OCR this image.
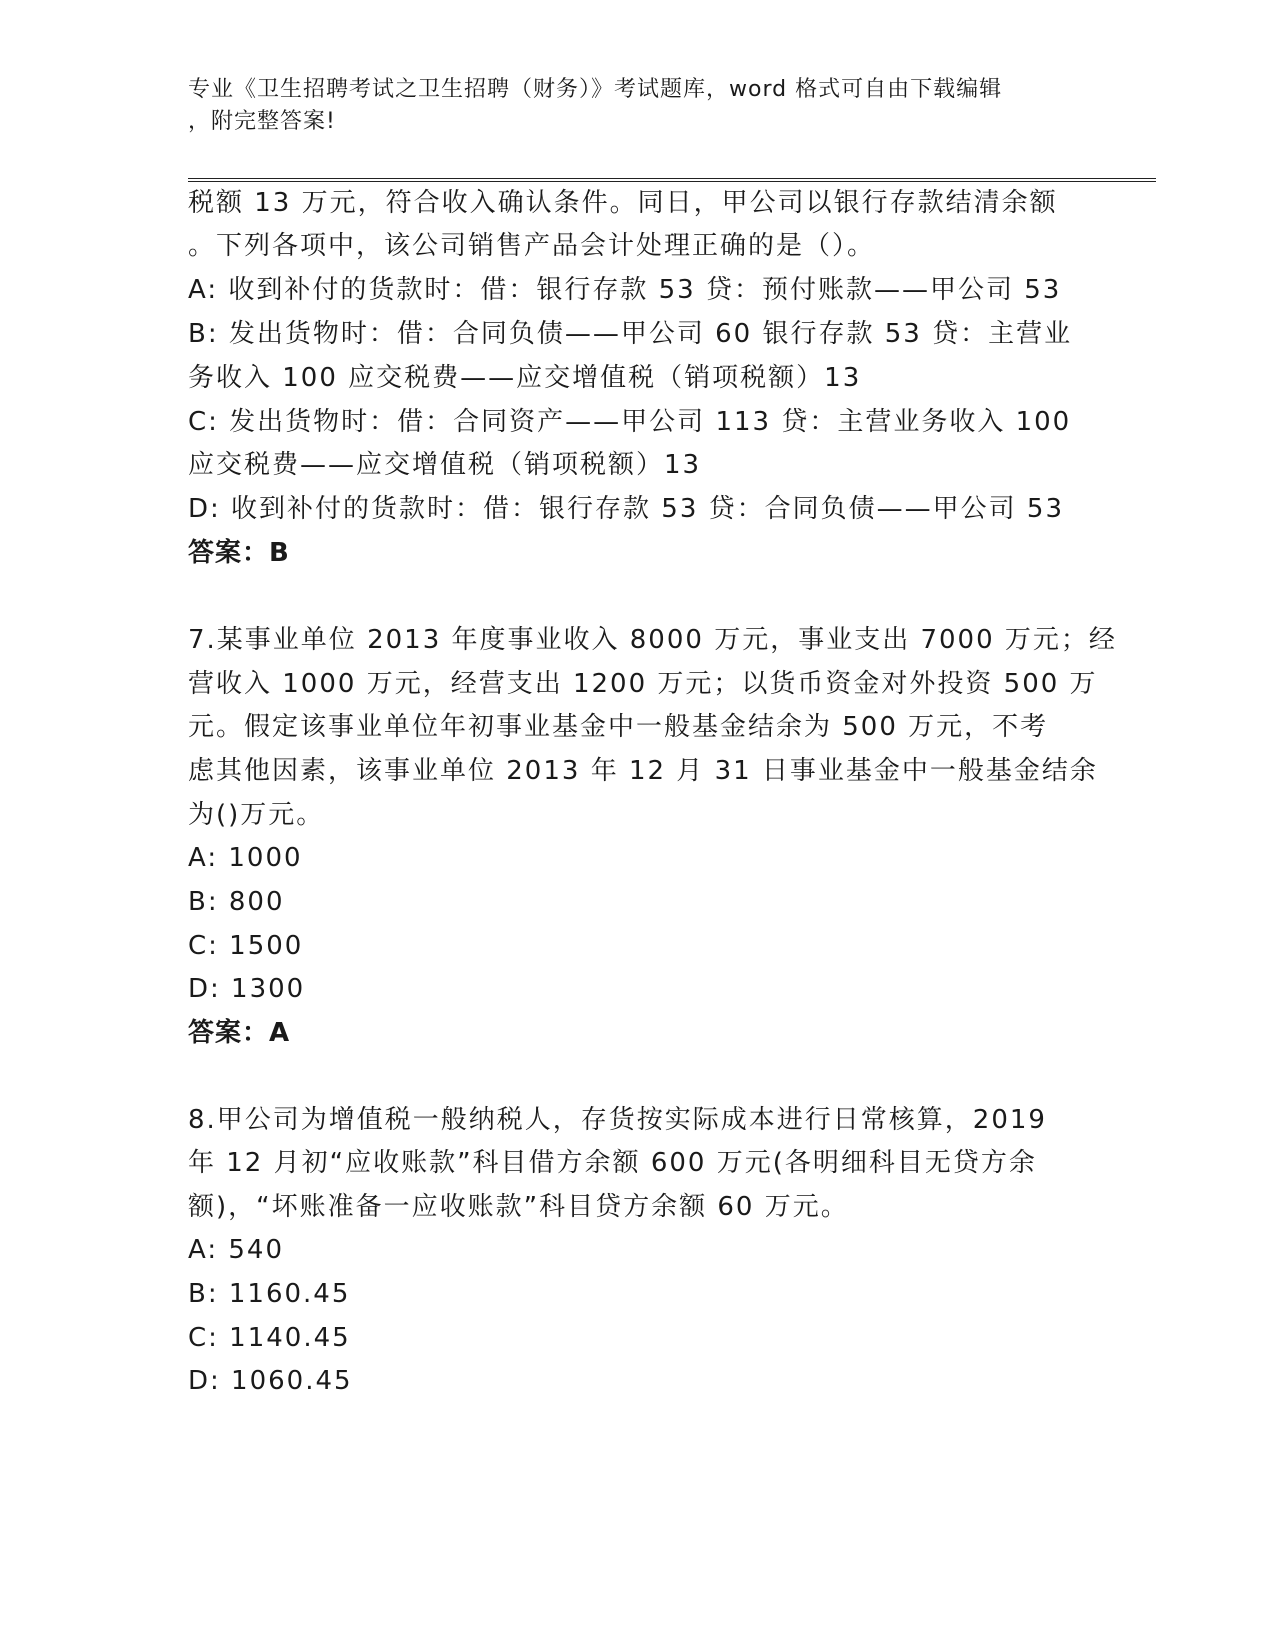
专业《卫生招聘考试之卫生招聘（财务）》考试题库，word 格式可自由下载编辑
，附完整答案!
税额 13 万元，符合收入确认条件。同日，甲公司以银行存款结清余额
。下列各项中，该公司销售产品会计处理正确的是（）。
A: 收到补付的货款时：借：银行存款 53 贷：预付账款——甲公司 53
B: 发出货物时：借：合同负债——甲公司 60 银行存款 53 贷：主营业
务收入 100 应交税费——应交增值税（销项税额）13
C: 发出货物时：借：合同资产——甲公司 113 贷：主营业务收入 100
应交税费——应交增值税（销项税额）13
D: 收到补付的货款时：借：银行存款 53 贷：合同负债——甲公司 53
答案：B
7.某事业单位 2013 年度事业收入 8000 万元，事业支出 7000 万元；经
营收入 1000 万元，经营支出 1200 万元；以货币资金对外投资 500 万
元。假定该事业单位年初事业基金中一般基金结余为 500 万元，不考
虑其他因素，该事业单位 2013 年 12 月 31 日事业基金中一般基金结余
为()万元。
A: 1000
B: 800
C: 1500
D: 1300
答案：A
8.甲公司为增值税一般纳税人，存货按实际成本进行日常核算，2019
年 12 月初“应收账款”科目借方余额 600 万元(各明细科目无贷方余
额)，“坏账准备一应收账款”科目贷方余额 60 万元。
A: 540
B: 1160.45
C: 1140.45
D: 1060.45
